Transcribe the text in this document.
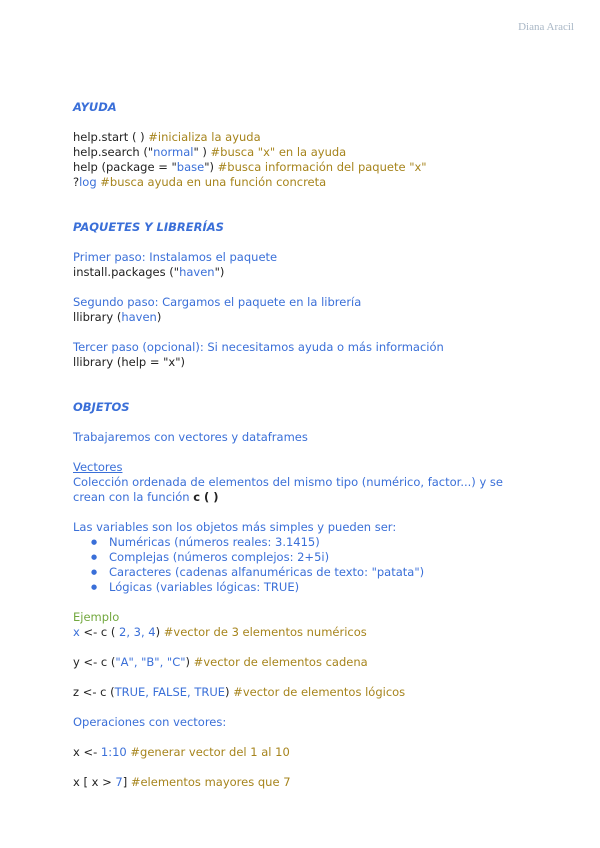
Diana Aracil
AYUDA
help.start ( ) #inicializa la ayuda
help.search ("normal" ) #busca "x" en la ayuda
help (package = "base") #busca información del paquete "x"
?log #busca ayuda en una función concreta
PAQUETES Y LIBRERÍAS
Primer paso: Instalamos el paquete
install.packages ("haven")
Segundo paso: Cargamos el paquete en la librería
llibrary (haven)
Tercer paso (opcional): Si necesitamos ayuda o más información
llibrary (help = "x")
OBJETOS
Trabajaremos con vectores y dataframes
Vectores
Colección ordenada de elementos del mismo tipo (numérico, factor...) y se crean con la función c ( )
Las variables son los objetos más simples y pueden ser:
● Numéricas (números reales: 3.1415)
● Complejas (números complejos: 2+5i)
● Caracteres (cadenas alfanuméricas de texto: "patata")
● Lógicas (variables lógicas: TRUE)
Ejemplo
x <- c ( 2, 3, 4) #vector de 3 elementos numéricos
y <- c ("A", "B", "C") #vector de elementos cadena
z <- c (TRUE, FALSE, TRUE) #vector de elementos lógicos
Operaciones con vectores:
x <- 1:10 #generar vector del 1 al 10
x [ x > 7] #elementos mayores que 7
